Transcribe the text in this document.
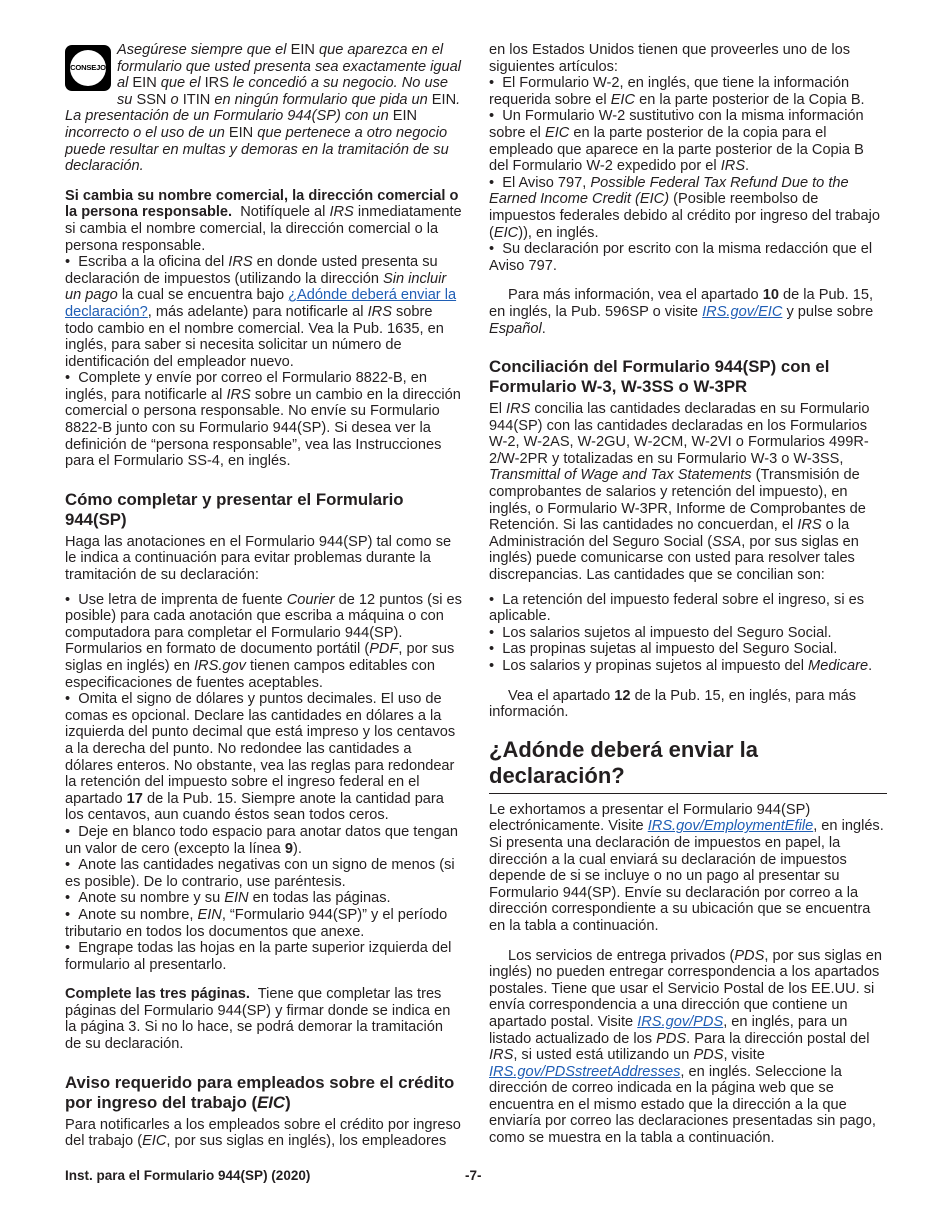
CONSEJO

Asegúrese siempre que el EIN que aparezca en el formulario que usted presenta sea exactamente igual al EIN que el IRS le concedió a su negocio. No use su SSN o ITIN en ningún formulario que pida un EIN. La presentación de un Formulario 944(SP) con un EIN incorrecto o el uso de un EIN que pertenece a otro negocio puede resultar en multas y demoras en la tramitación de su declaración.

Si cambia su nombre comercial, la dirección comercial o la persona responsable.  Notifíquele al IRS inmediatamente si cambia el nombre comercial, la dirección comercial o la persona responsable.

•  Escriba a la oficina del IRS en donde usted presenta su declaración de impuestos (utilizando la dirección Sin incluir un pago la cual se encuentra bajo ¿Adónde deberá enviar la declaración?, más adelante) para notificarle al IRS sobre todo cambio en el nombre comercial. Vea la Pub. 1635, en inglés, para saber si necesita solicitar un número de identificación del empleador nuevo.

•  Complete y envíe por correo el Formulario 8822-B, en inglés, para notificarle al IRS sobre un cambio en la dirección comercial o persona responsable. No envíe su Formulario 8822-B junto con su Formulario 944(SP). Si desea ver la definición de “persona responsable”, vea las Instrucciones para el Formulario SS-4, en inglés.

Cómo completar y presentar el Formulario 944(SP)

Haga las anotaciones en el Formulario 944(SP) tal como se le indica a continuación para evitar problemas durante la tramitación de su declaración:

•  Use letra de imprenta de fuente Courier de 12 puntos (si es posible) para cada anotación que escriba a máquina o con computadora para completar el Formulario 944(SP). Formularios en formato de documento portátil (PDF, por sus siglas en inglés) en IRS.gov tienen campos editables con especificaciones de fuentes aceptables.

•  Omita el signo de dólares y puntos decimales. El uso de comas es opcional. Declare las cantidades en dólares a la izquierda del punto decimal que está impreso y los centavos a la derecha del punto. No redondee las cantidades a dólares enteros. No obstante, vea las reglas para redondear la retención del impuesto sobre el ingreso federal en el apartado 17 de la Pub. 15. Siempre anote la cantidad para los centavos, aun cuando éstos sean todos ceros.

•  Deje en blanco todo espacio para anotar datos que tengan un valor de cero (excepto la línea 9).

•  Anote las cantidades negativas con un signo de menos (si es posible). De lo contrario, use paréntesis.

•  Anote su nombre y su EIN en todas las páginas.

•  Anote su nombre, EIN, “Formulario 944(SP)” y el período tributario en todos los documentos que anexe.

•  Engrape todas las hojas en la parte superior izquierda del formulario al presentarlo.

Complete las tres páginas.  Tiene que completar las tres páginas del Formulario 944(SP) y firmar donde se indica en la página 3. Si no lo hace, se podrá demorar la tramitación de su declaración.

Aviso requerido para empleados sobre el crédito por ingreso del trabajo (EIC)

Para notificarles a los empleados sobre el crédito por ingreso del trabajo (EIC, por sus siglas en inglés), los empleadores

en los Estados Unidos tienen que proveerles uno de los siguientes artículos:

•  El Formulario W-2, en inglés, que tiene la información requerida sobre el EIC en la parte posterior de la Copia B.

•  Un Formulario W-2 sustitutivo con la misma información sobre el EIC en la parte posterior de la copia para el empleado que aparece en la parte posterior de la Copia B del Formulario W-2 expedido por el IRS.

•  El Aviso 797, Possible Federal Tax Refund Due to the Earned Income Credit (EIC) (Posible reembolso de impuestos federales debido al crédito por ingreso del trabajo (EIC)), en inglés.

•  Su declaración por escrito con la misma redacción que el Aviso 797.

Para más información, vea el apartado 10 de la Pub. 15, en inglés, la Pub. 596SP o visite IRS.gov/EIC y pulse sobre Español.

Conciliación del Formulario 944(SP) con el Formulario W-3, W-3SS o W-3PR

El IRS concilia las cantidades declaradas en su Formulario 944(SP) con las cantidades declaradas en los Formularios W-2, W-2AS, W-2GU, W-2CM, W-2VI o Formularios 499R-2/W-2PR y totalizadas en su Formulario W-3 o W-3SS, Transmittal of Wage and Tax Statements (Transmisión de comprobantes de salarios y retención del impuesto), en inglés, o Formulario W-3PR, Informe de Comprobantes de Retención. Si las cantidades no concuerdan, el IRS o la Administración del Seguro Social (SSA, por sus siglas en inglés) puede comunicarse con usted para resolver tales discrepancias. Las cantidades que se concilian son:

•  La retención del impuesto federal sobre el ingreso, si es aplicable.

•  Los salarios sujetos al impuesto del Seguro Social.

•  Las propinas sujetas al impuesto del Seguro Social.

•  Los salarios y propinas sujetos al impuesto del Medicare.

Vea el apartado 12 de la Pub. 15, en inglés, para más información.

¿Adónde deberá enviar la declaración?

Le exhortamos a presentar el Formulario 944(SP) electrónicamente. Visite IRS.gov/EmploymentEfile, en inglés. Si presenta una declaración de impuestos en papel, la dirección a la cual enviará su declaración de impuestos depende de si se incluye o no un pago al presentar su Formulario 944(SP). Envíe su declaración por correo a la dirección correspondiente a su ubicación que se encuentra en la tabla a continuación.

Los servicios de entrega privados (PDS, por sus siglas en inglés) no pueden entregar correspondencia a los apartados postales. Tiene que usar el Servicio Postal de los EE.UU. si envía correspondencia a una dirección que contiene un apartado postal. Visite IRS.gov/PDS, en inglés, para un listado actualizado de los PDS. Para la dirección postal del IRS, si usted está utilizando un PDS, visite IRS.gov/PDSstreetAddresses, en inglés. Seleccione la dirección de correo indicada en la página web que se encuentra en el mismo estado que la dirección a la que enviaría por correo las declaraciones presentadas sin pago, como se muestra en la tabla a continuación.

Inst. para el Formulario 944(SP) (2020)	-7-
